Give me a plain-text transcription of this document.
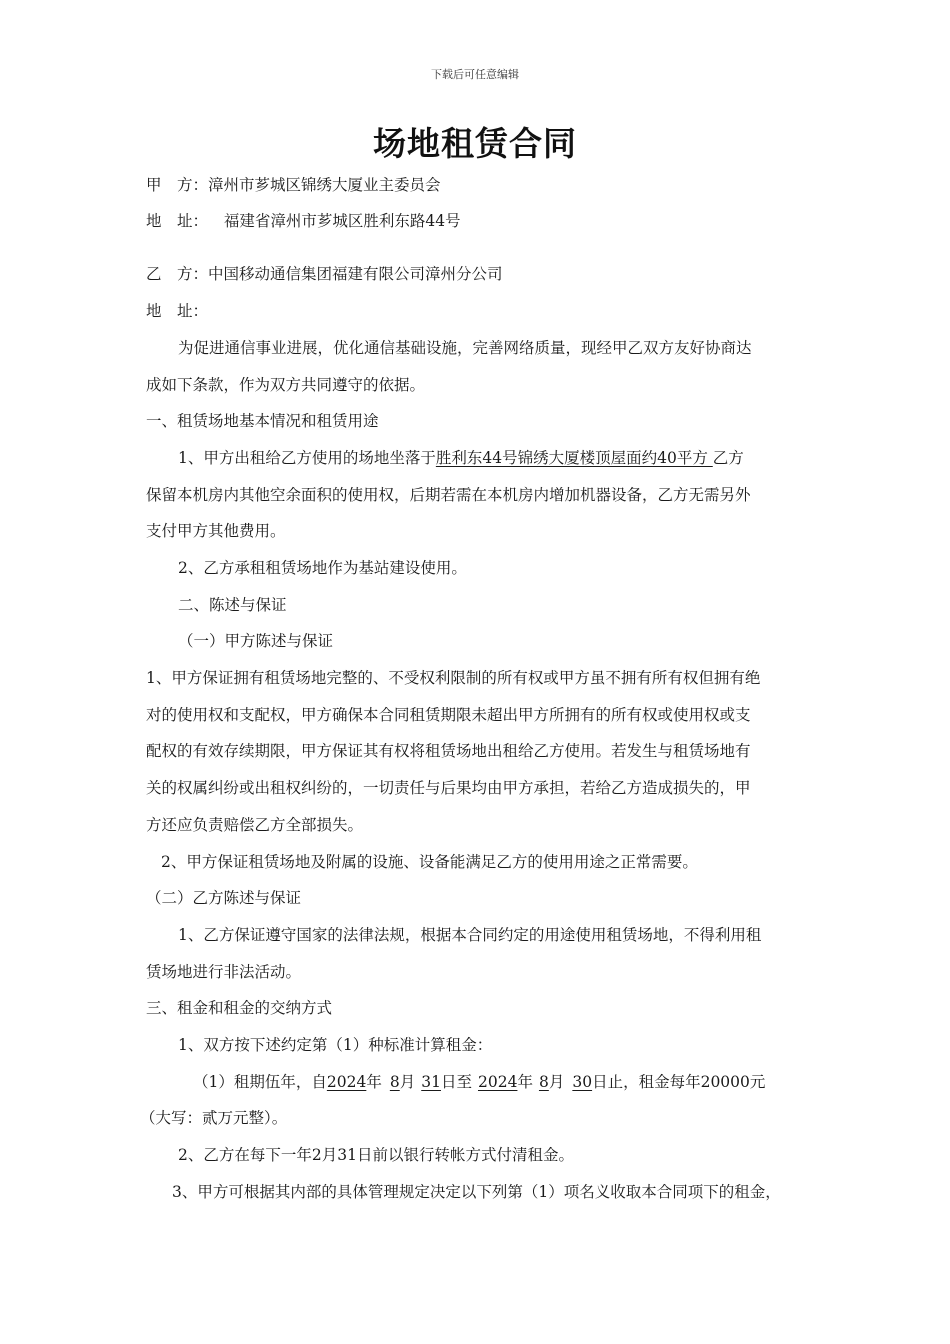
下载后可任意编辑
场地租赁合同
甲　方：漳州市芗城区锦绣大厦业主委员会
地　址： 福建省漳州市芗城区胜利东路44号
乙　方：中国移动通信集团福建有限公司漳州分公司
地　址：
为促进通信事业进展，优化通信基础设施，完善网络质量，现经甲乙双方友好协商达
成如下条款，作为双方共同遵守的依据。
一、租赁场地基本情况和租赁用途
1、甲方出租给乙方使用的场地坐落于胜利东44号锦绣大厦楼顶屋面约40平方 乙方
保留本机房内其他空余面积的使用权，后期若需在本机房内增加机器设备，乙方无需另外
支付甲方其他费用。
2、乙方承租租赁场地作为基站建设使用。
二、陈述与保证
（一）甲方陈述与保证
1、甲方保证拥有租赁场地完整的、不受权利限制的所有权或甲方虽不拥有所有权但拥有绝
对的使用权和支配权，甲方确保本合同租赁期限未超出甲方所拥有的所有权或使用权或支
配权的有效存续期限，甲方保证其有权将租赁场地出租给乙方使用。若发生与租赁场地有
关的权属纠纷或出租权纠纷的，一切责任与后果均由甲方承担，若给乙方造成损失的，甲
方还应负责赔偿乙方全部损失。
2、甲方保证租赁场地及附属的设施、设备能满足乙方的使用用途之正常需要。
（二）乙方陈述与保证
1、乙方保证遵守国家的法律法规，根据本合同约定的用途使用租赁场地，不得利用租
赁场地进行非法活动。
三、租金和租金的交纳方式
1、双方按下述约定第（1）种标准计算租金：
（1）租期伍年，自2024年 8月 31日至 2024年 8月 30日止，租金每年20000元
（大写：贰万元整）。
2、乙方在每下一年2月31日前以银行转帐方式付清租金。
3、甲方可根据其内部的具体管理规定决定以下列第（1）项名义收取本合同项下的租金，
